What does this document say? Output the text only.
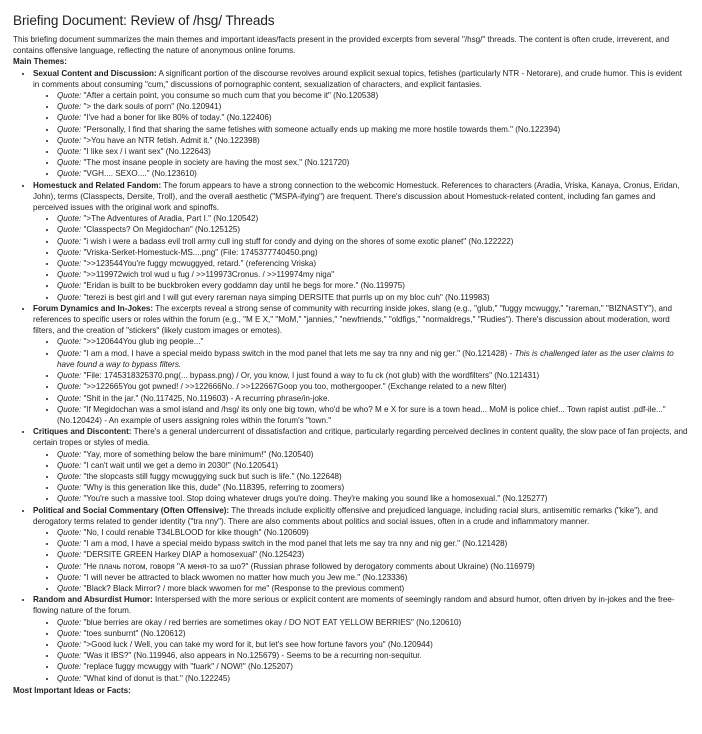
Briefing Document: Review of /hsg/ Threads

This briefing document summarizes the main themes and important ideas/facts present in the provided excerpts from several "/hsg/" threads. The content is often crude, irreverent, and contains offensive language, reflecting the nature of anonymous online forums.

Main Themes:
• Sexual Content and Discussion: A significant portion of the discourse revolves around explicit sexual topics, fetishes (particularly NTR - Netorare), and crude humor. This is evident in comments about consuming "cum," discussions of pornographic content, sexualization of characters, and explicit fantasies.
• Quote: "After a certain point, you consume so much cum that you become it" (No.120538)
• Quote: "> the dark souls of porn" (No.120941)
• Quote: "I've had a boner for like 80% of today." (No.122406)
• Quote: "Personally, I find that sharing the same fetishes with someone actually ends up making me more hostile towards them." (No.122394)
• Quote: ">You have an NTR fetish. Admit it." (No.122398)
• Quote: "I like sex / i want sex" (No.122643)
• Quote: "The most insane people in society are having the most sex." (No.121720)
• Quote: "VGH.... SEXO...." (No.123610)
• Homestuck and Related Fandom: The forum appears to have a strong connection to the webcomic Homestuck. References to characters (Aradia, Vriska, Kanaya, Cronus, Eridan, John), terms (Classpects, Dersite, Troll), and the overall aesthetic ("MSPA-ifying") are frequent. There's discussion about Homestuck-related content, including fan games and perceived issues with the original work and spinoffs.
• Quote: ">The Adventures of Aradia, Part I." (No.120542)
• Quote: "Classpects? On Megidochan" (No.125125)
• Quote: "i wish i were a badass evil troll army cull ing stuff for condy and dying on the shores of some exotic planet" (No.122222)
• Quote: "Vriska-Serket-Homestuck-MS....png" (File: 1745377740450.png)
• Quote: ">>123544You're fuggy mcwuggyed, retard." (referencing Vriska)
• Quote: ">>119972wich trol wud u fug / >>119973Cronus. / >>119974my niga"
• Quote: "Eridan is built to be buckbroken every goddamn day until he begs for more." (No.119975)
• Quote: "terezi is best girl and I will gut every rareman naya simping DERSITE that purrls up on my bloc cuh" (No.119983)
• Forum Dynamics and In-Jokes: The excerpts reveal a strong sense of community with recurring inside jokes, slang (e.g., "glub," "fuggy mcwuggy," "rareman," "BIZNASTY"), and references to specific users or roles within the forum (e.g., "M E X," "MoM," "jannies," "newfriends," "oldfigs," "normaldregs," "Rudies"). There's discussion about moderation, word filters, and the creation of "stickers" (likely custom images or emotes).
• Quote: ">>120644You glub ing people..."
• Quote: "I am a mod, I have a special meido bypass switch in the mod panel that lets me say tra nny and nig ger." (No.121428) - This is challenged later as the user claims to have found a way to bypass filters.
• Quote: "File: 1745318325370.png(... bypass.png) / Or, you know, I just found a way to fu ck (not glub) with the wordfilters" (No.121431)
• Quote: ">>122665You got pwned! / >>122666No. / >>122667Goop you too, mothergooper." (Exchange related to a new filter)
• Quote: "Shit in the jar." (No.117425, No.119603) - A recurring phrase/in-joke.
• Quote: "If Megidochan was a smol island and /hsg/ its only one big town, who'd be who? M e X for sure is a town head... MoM is police chief... Town rapist autist .pdf-ile..." (No.120424) - An example of users assigning roles within the forum's "town."
• Critiques and Discontent: There's a general undercurrent of dissatisfaction and critique, particularly regarding perceived declines in content quality, the slow pace of fan projects, and certain tropes or styles of media.
• Quote: "Yay, more of something below the bare minimum!" (No.120540)
• Quote: "I can't wait until we get a demo in 2030!" (No.120541)
• Quote: "the slopcasts still fuggy mcwuggying suck but such is life." (No.122648)
• Quote: "Why is this generation like this, dude" (No.118395, referring to zoomers)
• Quote: "You're such a massive tool. Stop doing whatever drugs you're doing. They're making you sound like a homosexual." (No.125277)
• Political and Social Commentary (Often Offensive): The threads include explicitly offensive and prejudiced language, including racial slurs, antisemitic remarks ("kike"), and derogatory terms related to gender identity ("tra nny"). There are also comments about politics and social issues, often in a crude and inflammatory manner.
• Quote: "No, I could renable T34LBLOOD for kike though" (No.120609)
• Quote: "I am a mod, I have a special meido bypass switch in the mod panel that lets me say tra nny and nig ger." (No.121428)
• Quote: "DERSITE GREEN Harkey DIAP a homosexual" (No.125423)
• Quote: "Не плачь потом, говоря "А меня-то за шо?" (Russian phrase followed by derogatory comments about Ukraine) (No.116979)
• Quote: "I will never be attracted to black wwomen no matter how much you Jew me." (No.123336)
• Quote: "Black? Black Mirror? / more black wwomen for me" (Response to the previous comment)
• Random and Absurdist Humor: Interspersed with the more serious or explicit content are moments of seemingly random and absurd humor, often driven by in-jokes and the free-flowing nature of the forum.
• Quote: "blue berries are okay / red berries are sometimes okay / DO NOT EAT YELLOW BERRIES" (No.120610)
• Quote: "toes sunburnt" (No.120612)
• Quote: ">Good luck / Well, you can take my word for it, but let's see how fortune favors you" (No.120944)
• Quote: "Was it IBS?" (No.119946, also appears in No.125679) - Seems to be a recurring non-sequitur.
• Quote: "replace fuggy mcwuggy with "fuark" / NOW!" (No.125207)
• Quote: "What kind of donut is that." (No.122245)
Most Important Ideas or Facts:
